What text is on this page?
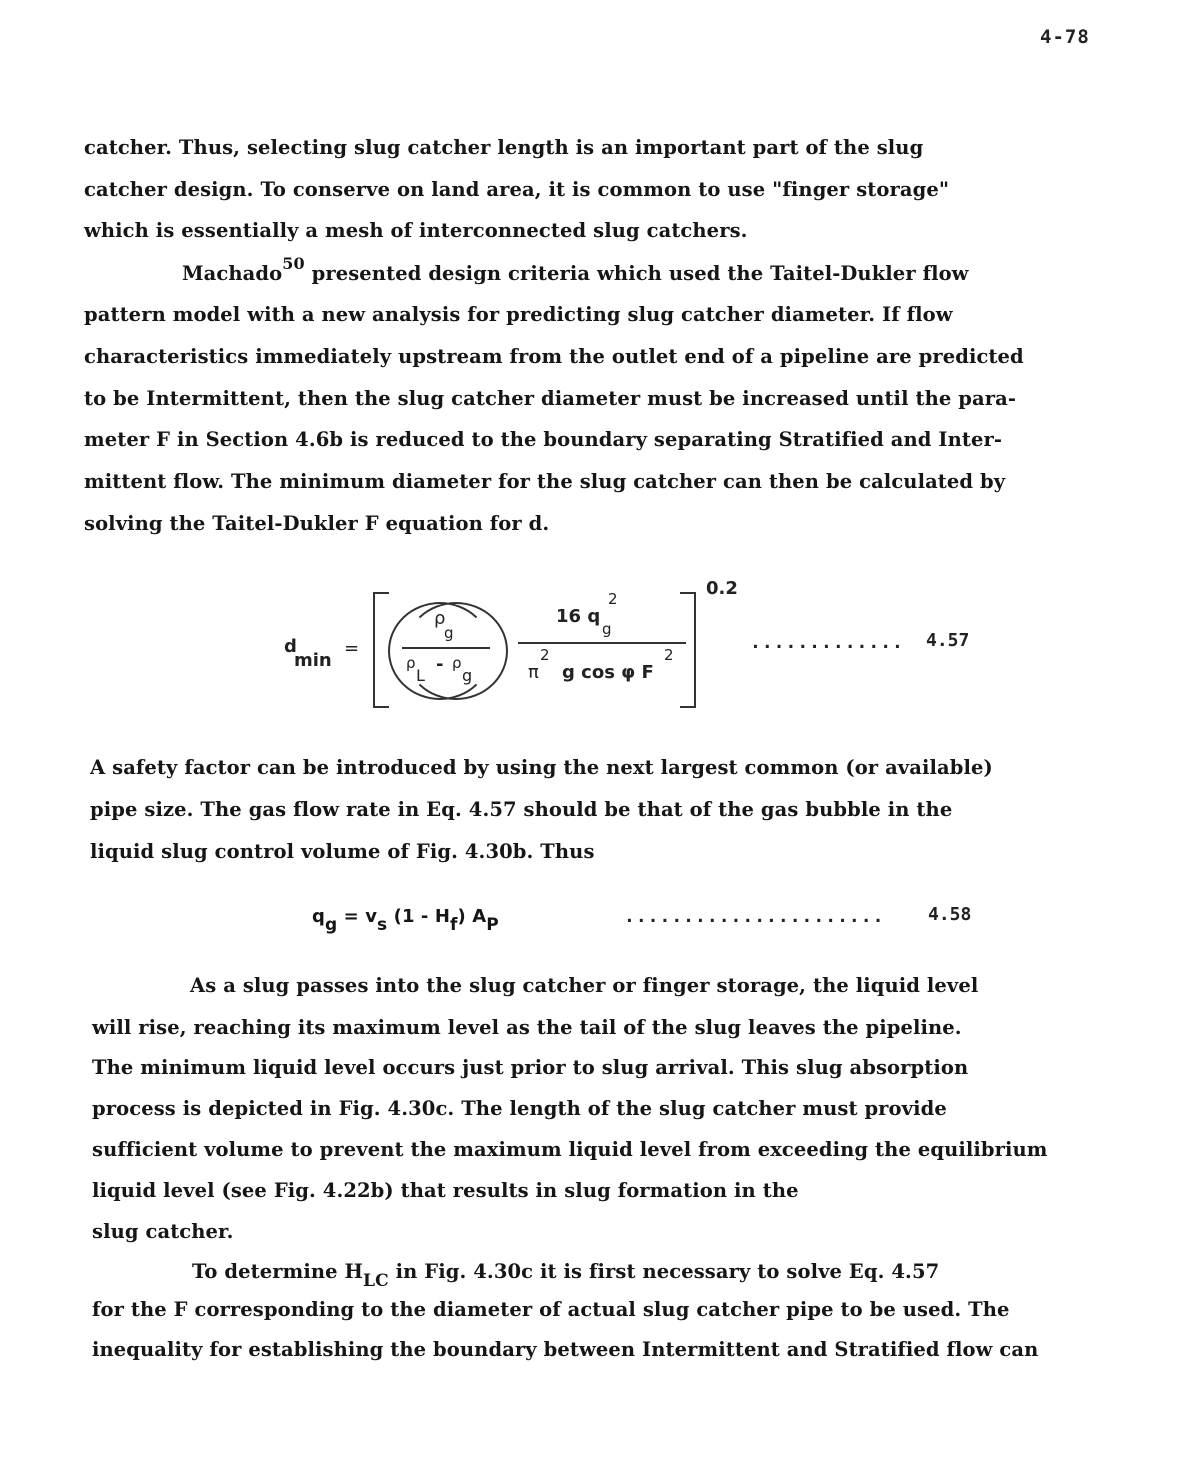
4-78
catcher. Thus, selecting slug catcher length is an important part of the slug
catcher design. To conserve on land area, it is common to use "finger storage"
which is essentially a mesh of interconnected slug catchers.
Machado$^{50}$ presented design criteria which used the Taitel-Dukler flow
pattern model with a new analysis for predicting slug catcher diameter. If flow
characteristics immediately upstream from the outlet end of a pipeline are predicted
to be Intermittent, then the slug catcher diameter must be increased until the para-
meter F in Section 4.6b is reduced to the boundary separating Stratified and Inter-
mittent flow. The minimum diameter for the slug catcher can then be calculated by
solving the Taitel-Dukler F equation for d.
d
min
=
ρ
g
ρ
L
- ρ
g
2
16 q
g
2
π g cos φ F
2
0.2
............. 4.57
A safety factor can be introduced by using the next largest common (or available)
pipe size. The gas flow rate in Eq. 4.57 should be that of the gas bubble in the
liquid slug control volume of Fig. 4.30b. Thus
qg = vs (1 - Hf) AP	...................... 4.58
As a slug passes into the slug catcher or finger storage, the liquid level
will rise, reaching its maximum level as the tail of the slug leaves the pipeline.
The minimum liquid level occurs just prior to slug arrival. This slug absorption
process is depicted in Fig. 4.30c. The length of the slug catcher must provide
sufficient volume to prevent the maximum liquid level from exceeding the equilibrium
liquid level (see Fig. 4.22b) that results in slug formation in the
slug catcher.
To determine HLC in Fig. 4.30c it is first necessary to solve Eq. 4.57
for the F corresponding to the diameter of actual slug catcher pipe to be used. The
inequality for establishing the boundary between Intermittent and Stratified flow can
